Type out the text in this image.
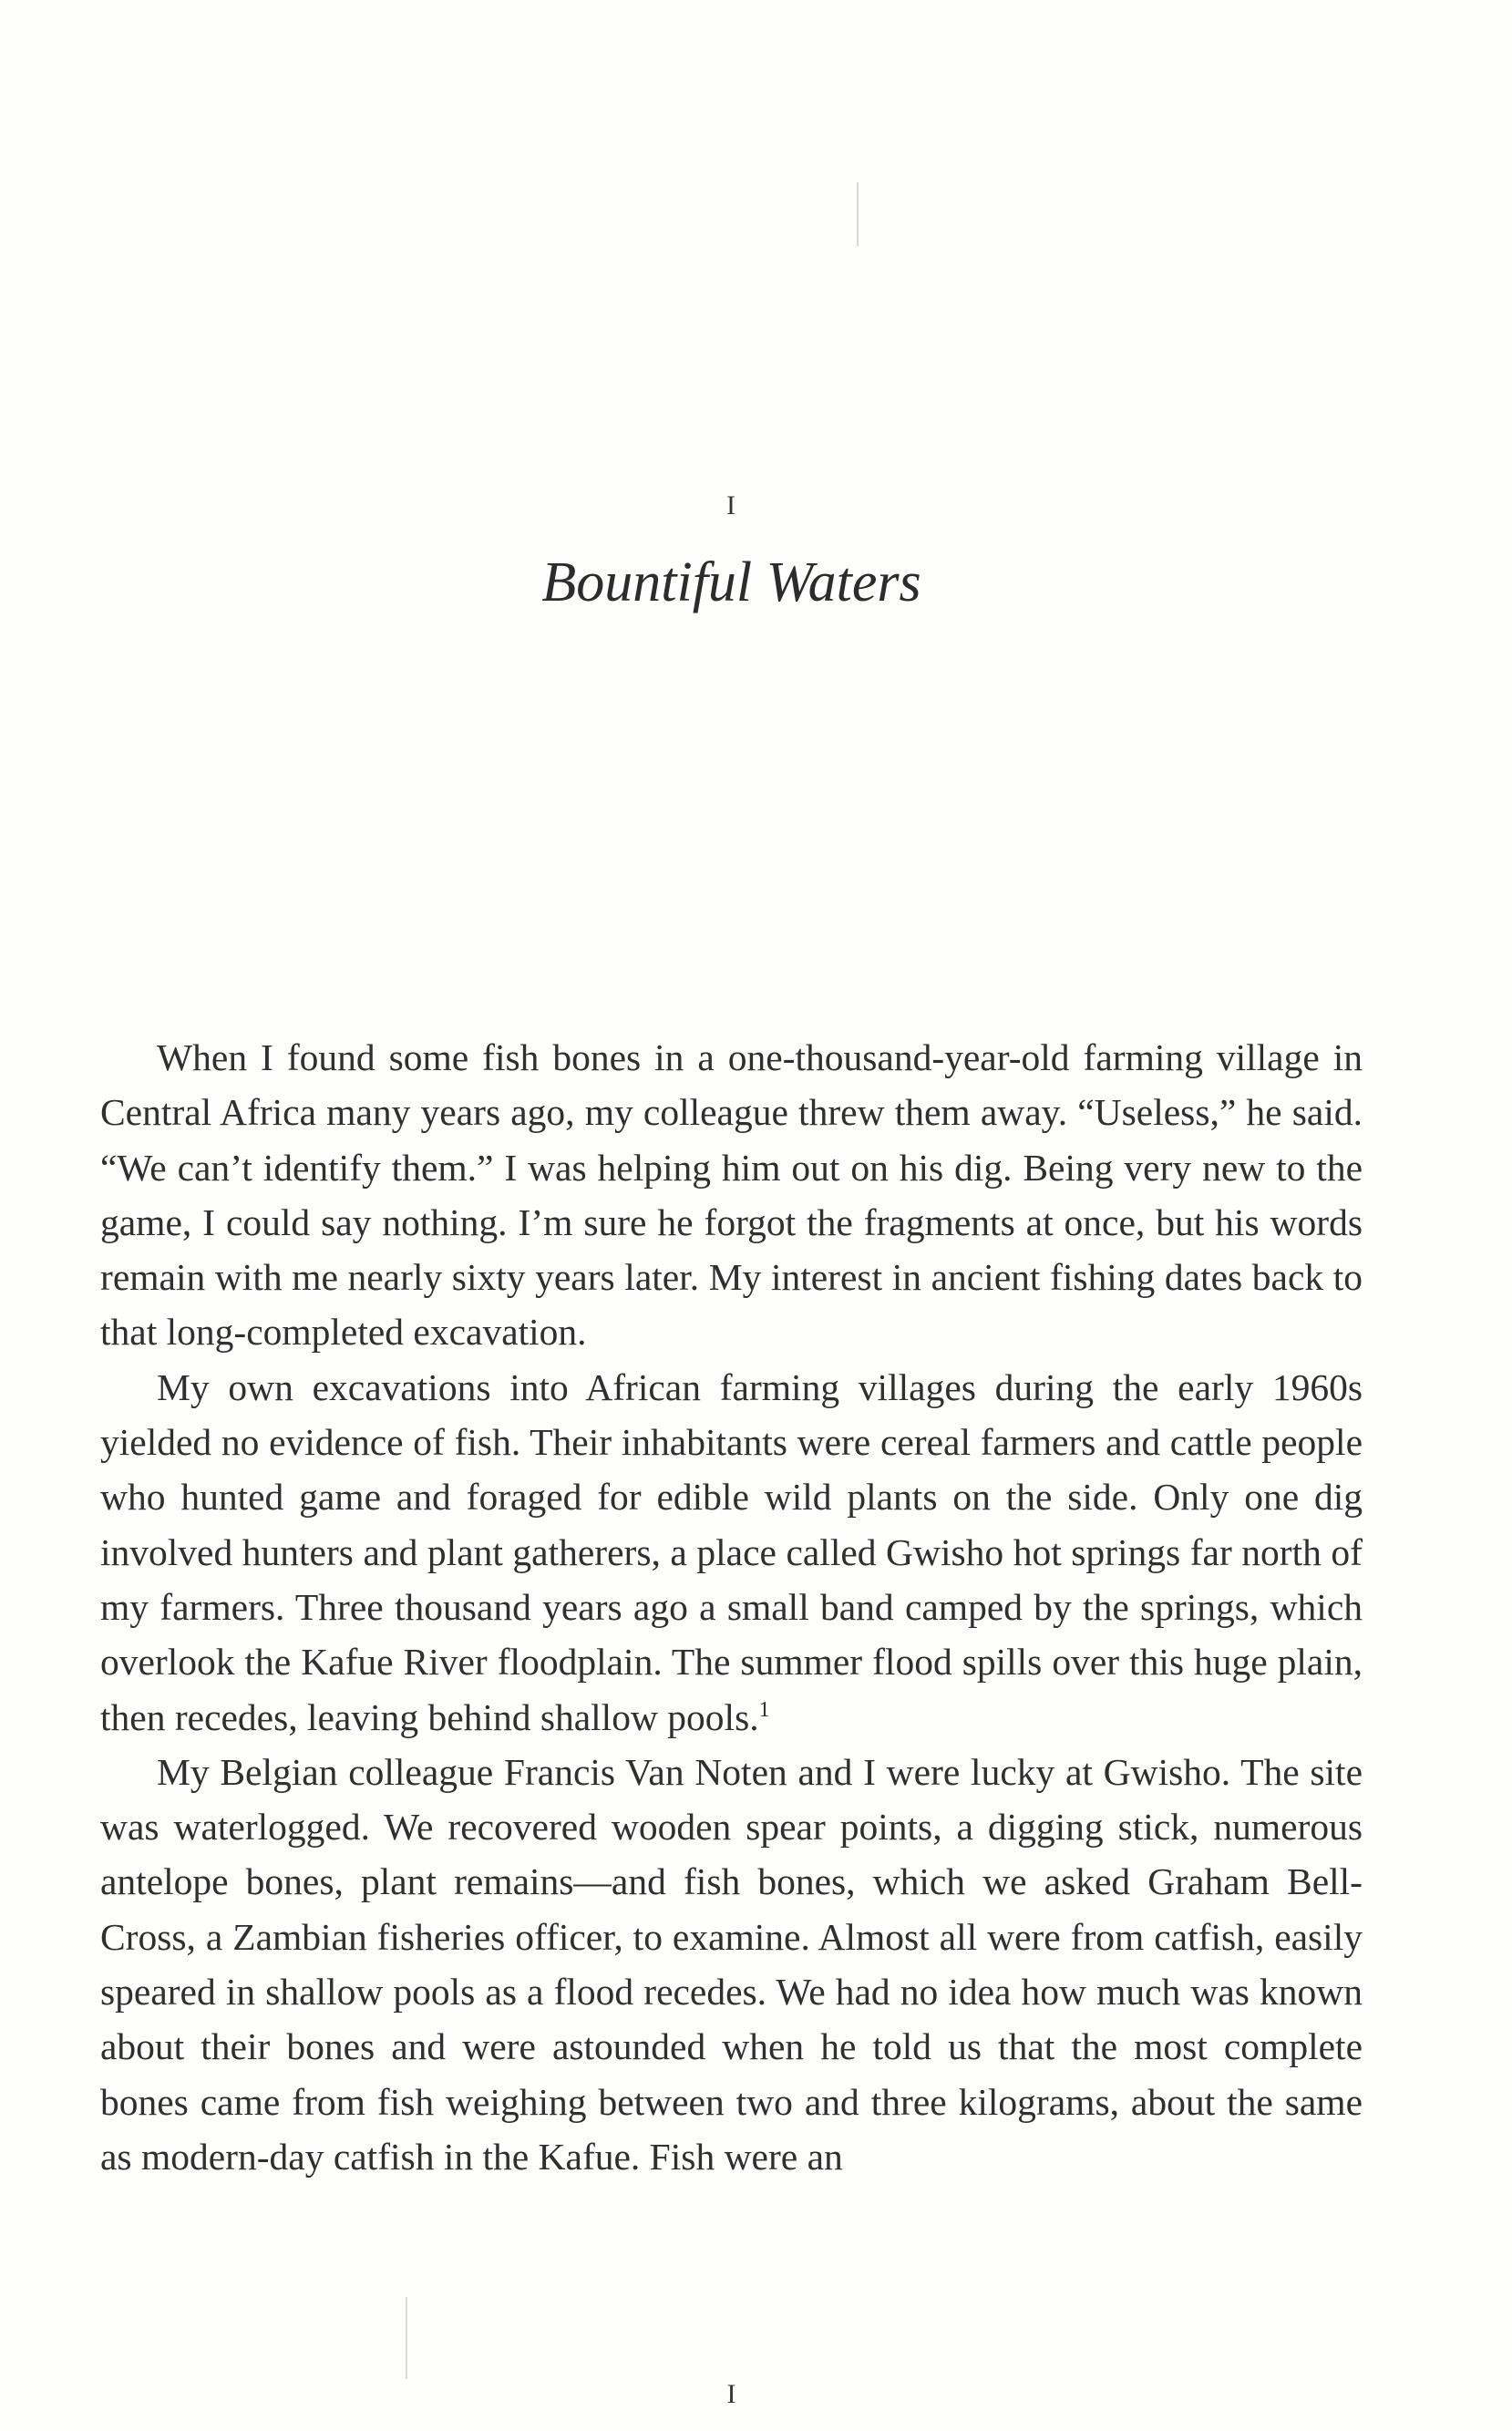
I
Bountiful Waters

When I found some fish bones in a one-thousand-year-old farming village in Central Africa many years ago, my colleague threw them away. “Useless,” he said. “We can’t identify them.” I was helping him out on his dig. Being very new to the game, I could say nothing. I’m sure he forgot the fragments at once, but his words remain with me nearly sixty years later. My interest in ancient fishing dates back to that long-completed excavation.

My own excavations into African farming villages during the early 1960s yielded no evidence of fish. Their inhabitants were cereal farmers and cattle people who hunted game and foraged for edible wild plants on the side. Only one dig involved hunters and plant gatherers, a place called Gwisho hot springs far north of my farmers. Three thousand years ago a small band camped by the springs, which overlook the Kafue River floodplain. The summer flood spills over this huge plain, then recedes, leaving behind shallow pools.$^1$

My Belgian colleague Francis Van Noten and I were lucky at Gwisho. The site was waterlogged. We recovered wooden spear points, a digging stick, numerous antelope bones, plant remains—and fish bones, which we asked Graham Bell-Cross, a Zambian fisheries officer, to examine. Almost all were from catfish, easily speared in shallow pools as a flood recedes. We had no idea how much was known about their bones and were astounded when he told us that the most complete bones came from fish weighing between two and three kilograms, about the same as modern-day catfish in the Kafue. Fish were an

I
